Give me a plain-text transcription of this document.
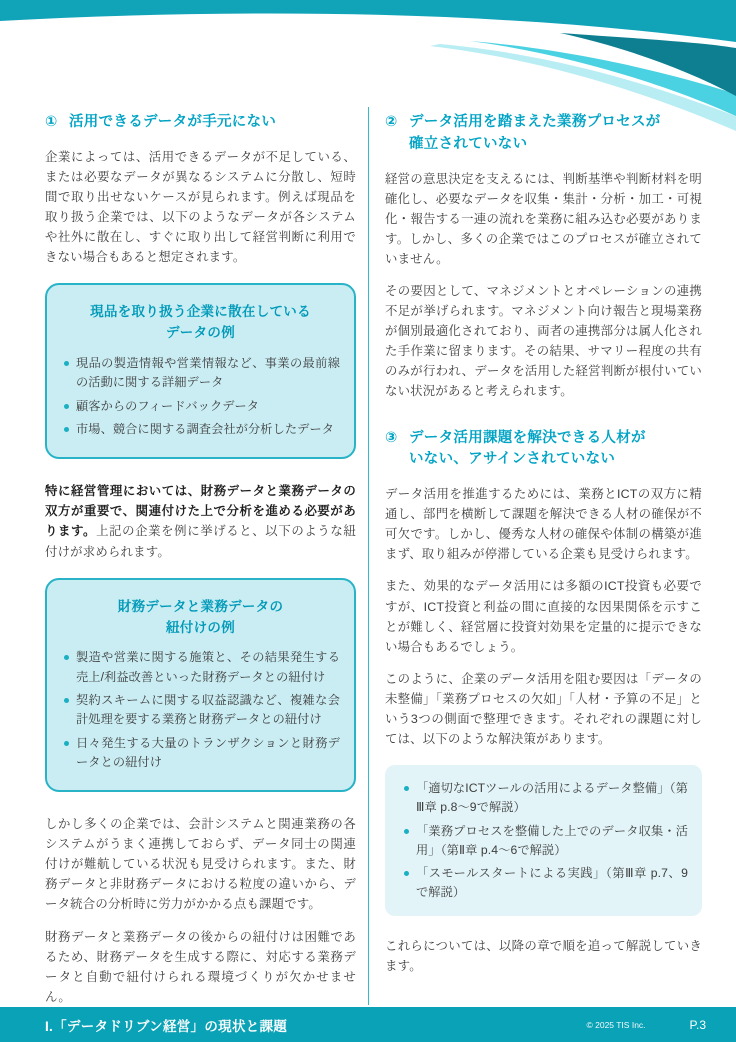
① 活用できるデータが手元にない

企業によっては、活用できるデータが不足している、または必要なデータが異なるシステムに分散し、短時間で取り出せないケースが見られます。例えば現品を取り扱う企業では、以下のようなデータが各システムや社外に散在し、すぐに取り出して経営判断に利用できない場合もあると想定されます。

現品を取り扱う企業に散在している
データの例
現品の製造情報や営業情報など、事業の最前線の活動に関する詳細データ
顧客からのフィードバックデータ
市場、競合に関する調査会社が分析したデータ

特に経営管理においては、財務データと業務データの双方が重要で、関連付けた上で分析を進める必要があります。上記の企業を例に挙げると、以下のような紐付けが求められます。

財務データと業務データの
紐付けの例
製造や営業に関する施策と、その結果発生する売上/利益改善といった財務データとの紐付け
契約スキームに関する収益認識など、複雑な会計処理を要する業務と財務データとの紐付け
日々発生する大量のトランザクションと財務データとの紐付け

しかし多くの企業では、会計システムと関連業務の各システムがうまく連携しておらず、データ同士の関連付けが難航している状況も見受けられます。また、財務データと非財務データにおける粒度の違いから、データ統合の分析時に労力がかかる点も課題です。

財務データと業務データの後からの紐付けは困難であるため、財務データを生成する際に、対応する業務データと自動で紐付けられる環境づくりが欠かせません。

② データ活用を踏まえた業務プロセスが
確立されていない

経営の意思決定を支えるには、判断基準や判断材料を明確化し、必要なデータを収集・集計・分析・加工・可視化・報告する一連の流れを業務に組み込む必要があります。しかし、多くの企業ではこのプロセスが確立されていません。

その要因として、マネジメントとオペレーションの連携不足が挙げられます。マネジメント向け報告と現場業務が個別最適化されており、両者の連携部分は属人化された手作業に留まります。その結果、サマリー程度の共有のみが行われ、データを活用した経営判断が根付いていない状況があると考えられます。

③ データ活用課題を解決できる人材が
いない、アサインされていない

データ活用を推進するためには、業務とICTの双方に精通し、部門を横断して課題を解決できる人材の確保が不可欠です。しかし、優秀な人材の確保や体制の構築が進まず、取り組みが停滞している企業も見受けられます。

また、効果的なデータ活用には多額のICT投資も必要ですが、ICT投資と利益の間に直接的な因果関係を示すことが難しく、経営層に投資対効果を定量的に提示できない場合もあるでしょう。

このように、企業のデータ活用を阻む要因は「データの未整備」「業務プロセスの欠如」「人材・予算の不足」という3つの側面で整理できます。それぞれの課題に対しては、以下のような解決策があります。

「適切なICTツールの活用によるデータ整備」（第Ⅲ章 p.8～9で解説）
「業務プロセスを整備した上でのデータ収集・活用」（第Ⅱ章 p.4～6で解説）
「スモールスタートによる実践」（第Ⅲ章 p.7、9で解説）

これらについては、以降の章で順を追って解説していきます。

I.「データドリブン経営」の現状と課題	© 2025 TIS Inc.	P.3
